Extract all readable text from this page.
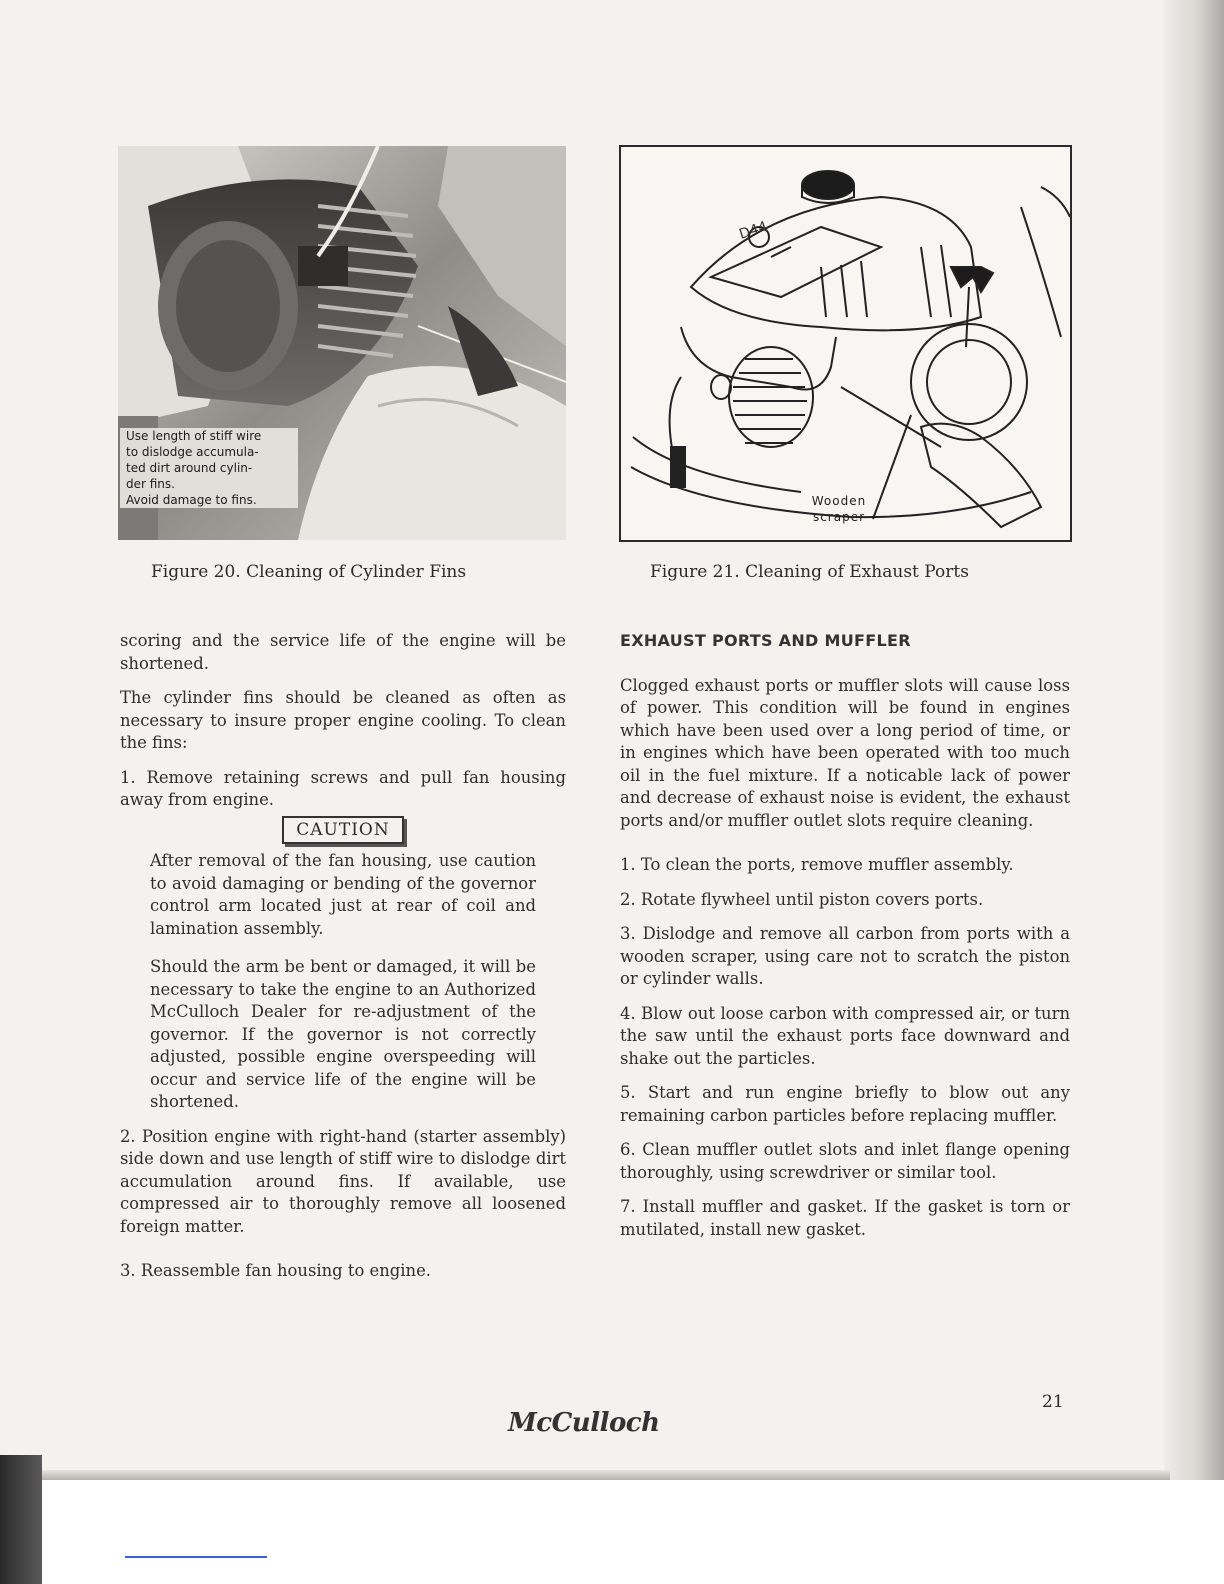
Use length of stiff wire
to dislodge accumula-
ted dirt around cylin-
der fins.
Avoid damage to fins.
D44
Wooden
scraper
Figure 20. Cleaning of Cylinder Fins	Figure 21. Cleaning of Exhaust Ports

scoring and the service life of the engine will be shortened.

The cylinder fins should be cleaned as often as necessary to insure proper engine cooling. To clean the fins:

1. Remove retaining screws and pull fan housing away from engine.

CAUTION

After removal of the fan housing, use caution to avoid damaging or bending of the governor control arm located just at rear of coil and lamination assembly.

Should the arm be bent or damaged, it will be necessary to take the engine to an Authorized McCulloch Dealer for re-adjustment of the governor. If the governor is not correctly adjusted, possible engine overspeeding will occur and service life of the engine will be shortened.

2. Position engine with right-hand (starter assembly) side down and use length of stiff wire to dislodge dirt accumulation around fins. If available, use compressed air to thoroughly remove all loosened foreign matter.

3. Reassemble fan housing to engine.

EXHAUST PORTS AND MUFFLER

Clogged exhaust ports or muffler slots will cause loss of power. This condition will be found in engines which have been used over a long period of time, or in engines which have been operated with too much oil in the fuel mixture. If a noticable lack of power and decrease of exhaust noise is evident, the exhaust ports and/or muffler outlet slots require cleaning.

1. To clean the ports, remove muffler assembly.

2. Rotate flywheel until piston covers ports.

3. Dislodge and remove all carbon from ports with a wooden scraper, using care not to scratch the piston or cylinder walls.

4. Blow out loose carbon with compressed air, or turn the saw until the exhaust ports face downward and shake out the particles.

5. Start and run engine briefly to blow out any remaining carbon particles before replacing muffler.

6. Clean muffler outlet slots and inlet flange opening thoroughly, using screwdriver or similar tool.

7. Install muffler and gasket. If the gasket is torn or mutilated, install new gasket.

21
McCulloch
